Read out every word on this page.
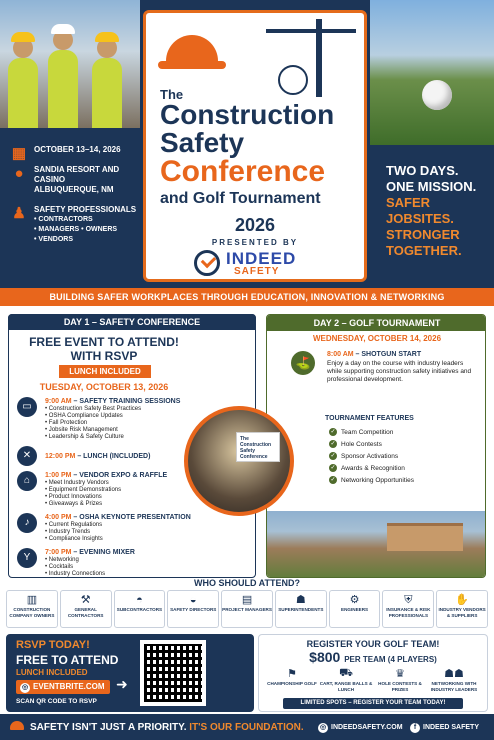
▦ OCTOBER 13–14, 2026
●	SANDIA RESORT AND CASINO
ALBUQUERQUE, NM
♟ SAFETY PROFESSIONALS
• CONTRACTORS
• MANAGERS • OWNERS
• VENDORS
The
Construction
Safety
Conference
and Golf Tournament
2026
PRESENTED BY
INDEED
SAFETY
TWO DAYS.
ONE MISSION.
SAFER JOBSITES.
STRONGER
TOGETHER.
BUILDING SAFER WORKPLACES THROUGH EDUCATION, INNOVATION & NETWORKING
DAY 1 – SAFETY CONFERENCE
FREE EVENT TO ATTEND!
WITH RSVP
LUNCH INCLUDED
TUESDAY, OCTOBER 13, 2026
▭	9:00 AM – SAFETY TRAINING SESSIONS
• Construction Safety Best Practices
• OSHA Compliance Updates
• Fall Protection
• Jobsite Risk Management
• Leadership & Safety Culture
✕	12:00 PM – LUNCH (INCLUDED)
⌂	1:00 PM – VENDOR EXPO & RAFFLE
• Meet Industry Vendors
• Equipment Demonstrations
• Product Innovations
• Giveaways & Prizes
♪	4:00 PM – OSHA KEYNOTE PRESENTATION
• Current Regulations
• Industry Trends
• Compliance Insights
Y	7:00 PM – EVENING MIXER
• Networking
• Cocktails
• Industry Connections
The Construction Safety Conference
DAY 2 – GOLF TOURNAMENT
WEDNESDAY, OCTOBER 14, 2026
⛳
8:00 AM – SHOTGUN START
Enjoy a day on the course with industry leaders while supporting construction safety initiatives and professional development.
TOURNAMENT FEATURES
✓ Team Competition
✓ Hole Contests
✓ Sponsor Activations
✓ Awards & Recognition
✓ Networking Opportunities
WHO SHOULD ATTEND?
▥
CONSTRUCTION COMPANY OWNERS
⚒
GENERAL CONTRACTORS
◓
SUBCONTRACTORS
◒
SAFETY DIRECTORS
▤
PROJECT MANAGERS
☗
SUPERINTENDENTS
⚙
ENGINEERS
⛨
INSURANCE & RISK PROFESSIONALS
✋
INDUSTRY VENDORS & SUPPLIERS
RSVP TODAY!
FREE TO ATTEND
LUNCH INCLUDED
◎ EVENTBRITE.COM
SCAN QR CODE TO RSVP
➜
REGISTER YOUR GOLF TEAM!
$800 PER TEAM (4 PLAYERS)
⚑
CHAMPIONSHIP GOLF
⛟
CART, RANGE BALLS & LUNCH
♛
HOLE CONTESTS & PRIZES
☗☗
NETWORKING WITH INDUSTRY LEADERS
LIMITED SPOTS – REGISTER YOUR TEAM TODAY!
SAFETY ISN'T JUST A PRIORITY. IT'S OUR FOUNDATION. ◎ INDEEDSAFETY.COM	f INDEED SAFETY
